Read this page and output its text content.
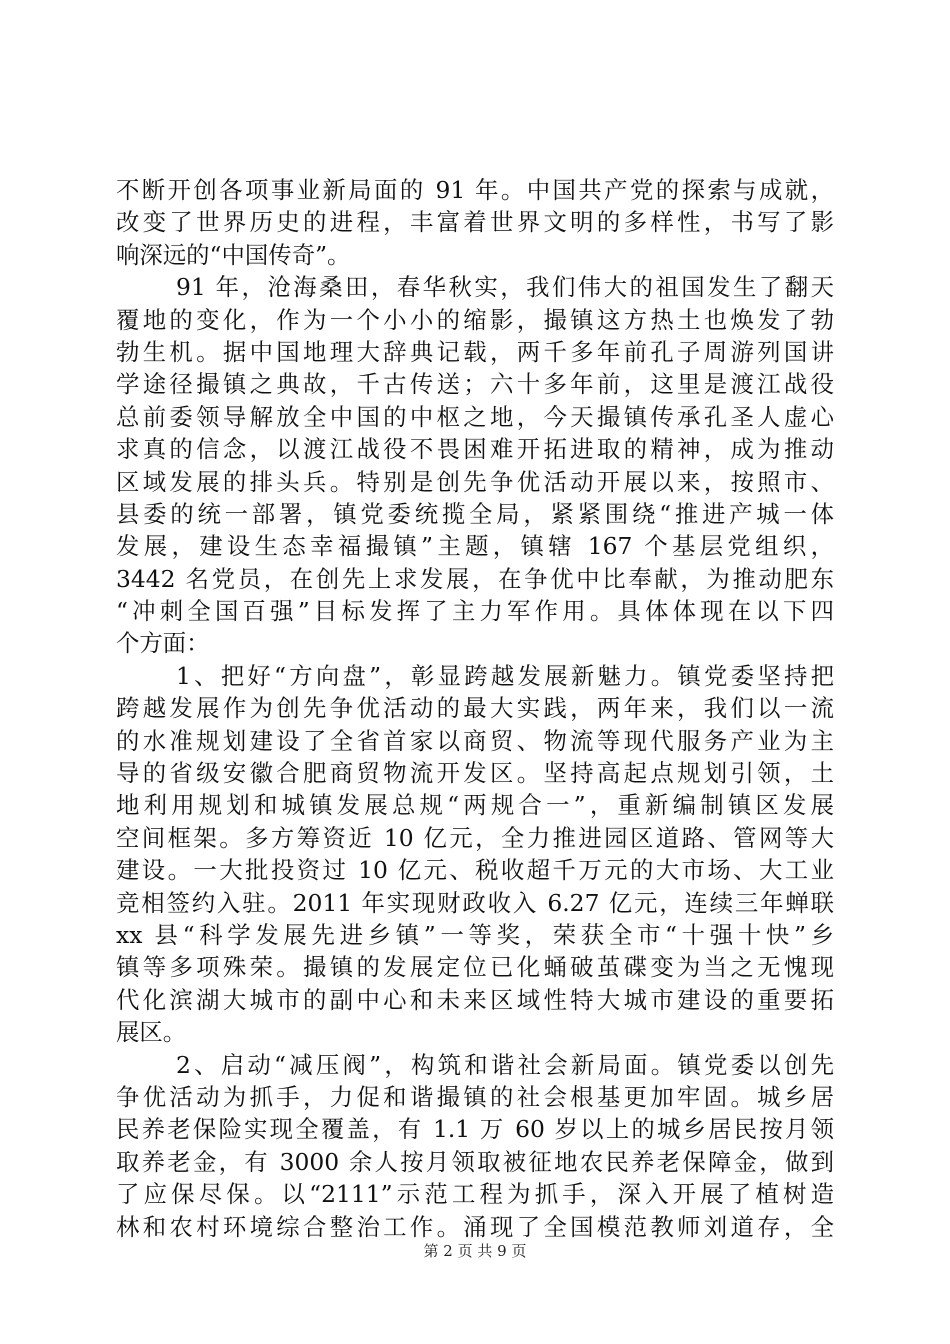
不断开创各项事业新局面的 91 年。中国共产党的探索与成就，
改变了世界历史的进程，丰富着世界文明的多样性，书写了影
响深远的“中国传奇”。
91 年，沧海桑田，春华秋实，我们伟大的祖国发生了翻天
覆地的变化，作为一个小小的缩影，撮镇这方热土也焕发了勃
勃生机。据中国地理大辞典记载，两千多年前孔子周游列国讲
学途径撮镇之典故，千古传送；六十多年前，这里是渡江战役
总前委领导解放全中国的中枢之地，今天撮镇传承孔圣人虚心
求真的信念，以渡江战役不畏困难开拓进取的精神，成为推动
区域发展的排头兵。特别是创先争优活动开展以来，按照市、
县委的统一部署，镇党委统揽全局，紧紧围绕“推进产城一体
发展，建设生态幸福撮镇”主题，镇辖 167 个基层党组织，
3442 名党员，在创先上求发展，在争优中比奉献，为推动肥东
“冲刺全国百强”目标发挥了主力军作用。具体体现在以下四
个方面：
1、把好“方向盘”，彰显跨越发展新魅力。镇党委坚持把
跨越发展作为创先争优活动的最大实践，两年来，我们以一流
的水准规划建设了全省首家以商贸、物流等现代服务产业为主
导的省级安徽合肥商贸物流开发区。坚持高起点规划引领，土
地利用规划和城镇发展总规“两规合一”，重新编制镇区发展
空间框架。多方筹资近 10 亿元，全力推进园区道路、管网等大
建设。一大批投资过 10 亿元、税收超千万元的大市场、大工业
竞相签约入驻。2011 年实现财政收入 6.27 亿元，连续三年蝉联
xx 县“科学发展先进乡镇”一等奖，荣获全市“十强十快”乡
镇等多项殊荣。撮镇的发展定位已化蛹破茧碟变为当之无愧现
代化滨湖大城市的副中心和未来区域性特大城市建设的重要拓
展区。
2、启动“减压阀”，构筑和谐社会新局面。镇党委以创先
争优活动为抓手，力促和谐撮镇的社会根基更加牢固。城乡居
民养老保险实现全覆盖，有 1.1 万 60 岁以上的城乡居民按月领
取养老金，有 3000 余人按月领取被征地农民养老保障金，做到
了应保尽保。以“2111”示范工程为抓手，深入开展了植树造
林和农村环境综合整治工作。涌现了全国模范教师刘道存，全
第 2 页 共 9 页
